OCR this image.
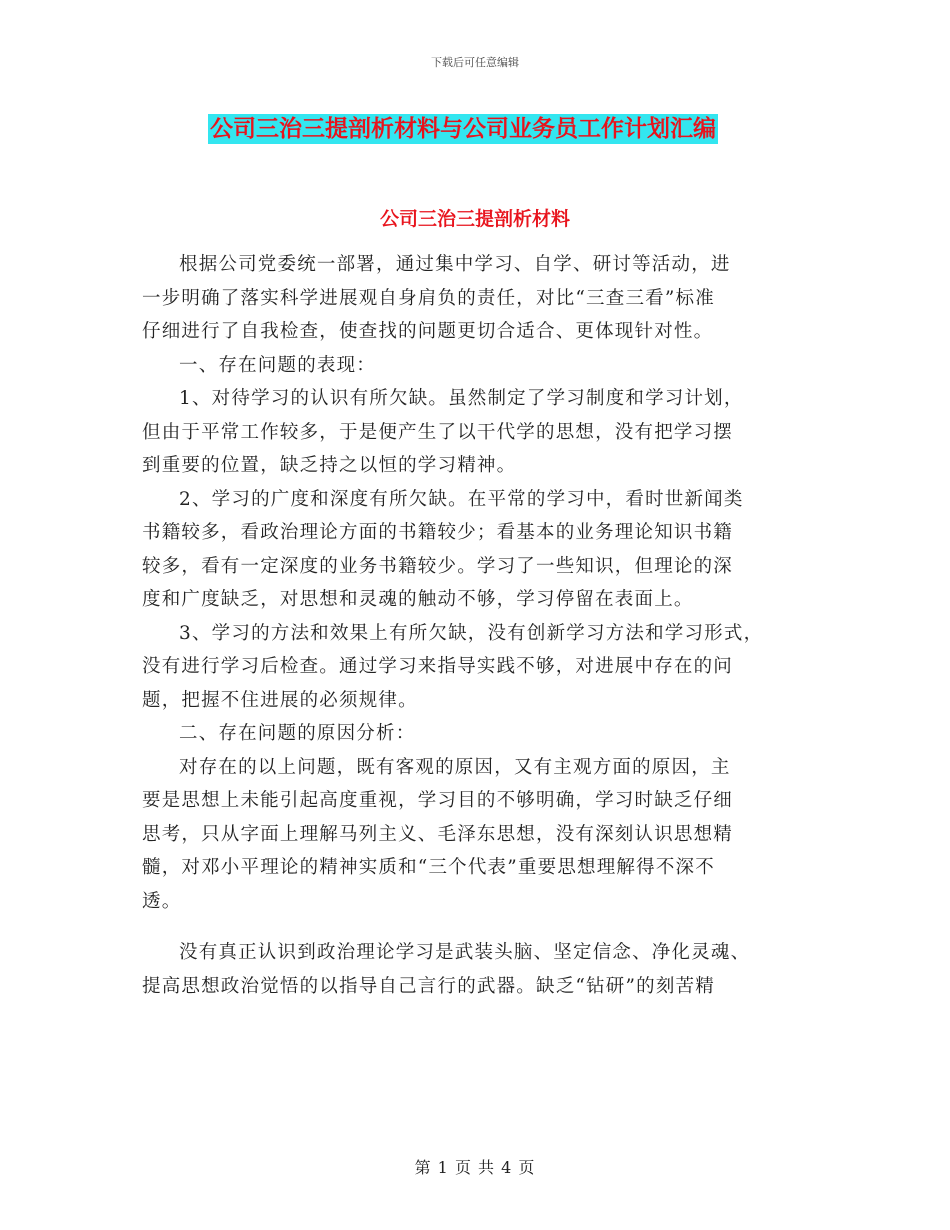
下载后可任意编辑
公司三治三提剖析材料与公司业务员工作计划汇编
公司三治三提剖析材料

根据公司党委统一部署，通过集中学习、自学、研讨等活动，进
一步明确了落实科学进展观自身肩负的责任，对比“三查三看”标准
仔细进行了自我检查，使查找的问题更切合适合、更体现针对性。

一、存在问题的表现：

1、对待学习的认识有所欠缺。虽然制定了学习制度和学习计划，
但由于平常工作较多，于是便产生了以干代学的思想，没有把学习摆
到重要的位置，缺乏持之以恒的学习精神。

2、学习的广度和深度有所欠缺。在平常的学习中，看时世新闻类
书籍较多，看政治理论方面的书籍较少；看基本的业务理论知识书籍
较多，看有一定深度的业务书籍较少。学习了一些知识，但理论的深
度和广度缺乏，对思想和灵魂的触动不够，学习停留在表面上。

3、学习的方法和效果上有所欠缺，没有创新学习方法和学习形式，
没有进行学习后检查。通过学习来指导实践不够，对进展中存在的问
题，把握不住进展的必须规律。

二、存在问题的原因分析：

对存在的以上问题，既有客观的原因，又有主观方面的原因，主
要是思想上未能引起高度重视，学习目的不够明确，学习时缺乏仔细
思考，只从字面上理解马列主义、毛泽东思想，没有深刻认识思想精
髓，对邓小平理论的精神实质和“三个代表”重要思想理解得不深不
透。

没有真正认识到政治理论学习是武装头脑、坚定信念、净化灵魂、
提高思想政治觉悟的以指导自己言行的武器。缺乏“钻研”的刻苦精

第 1 页 共 4 页
